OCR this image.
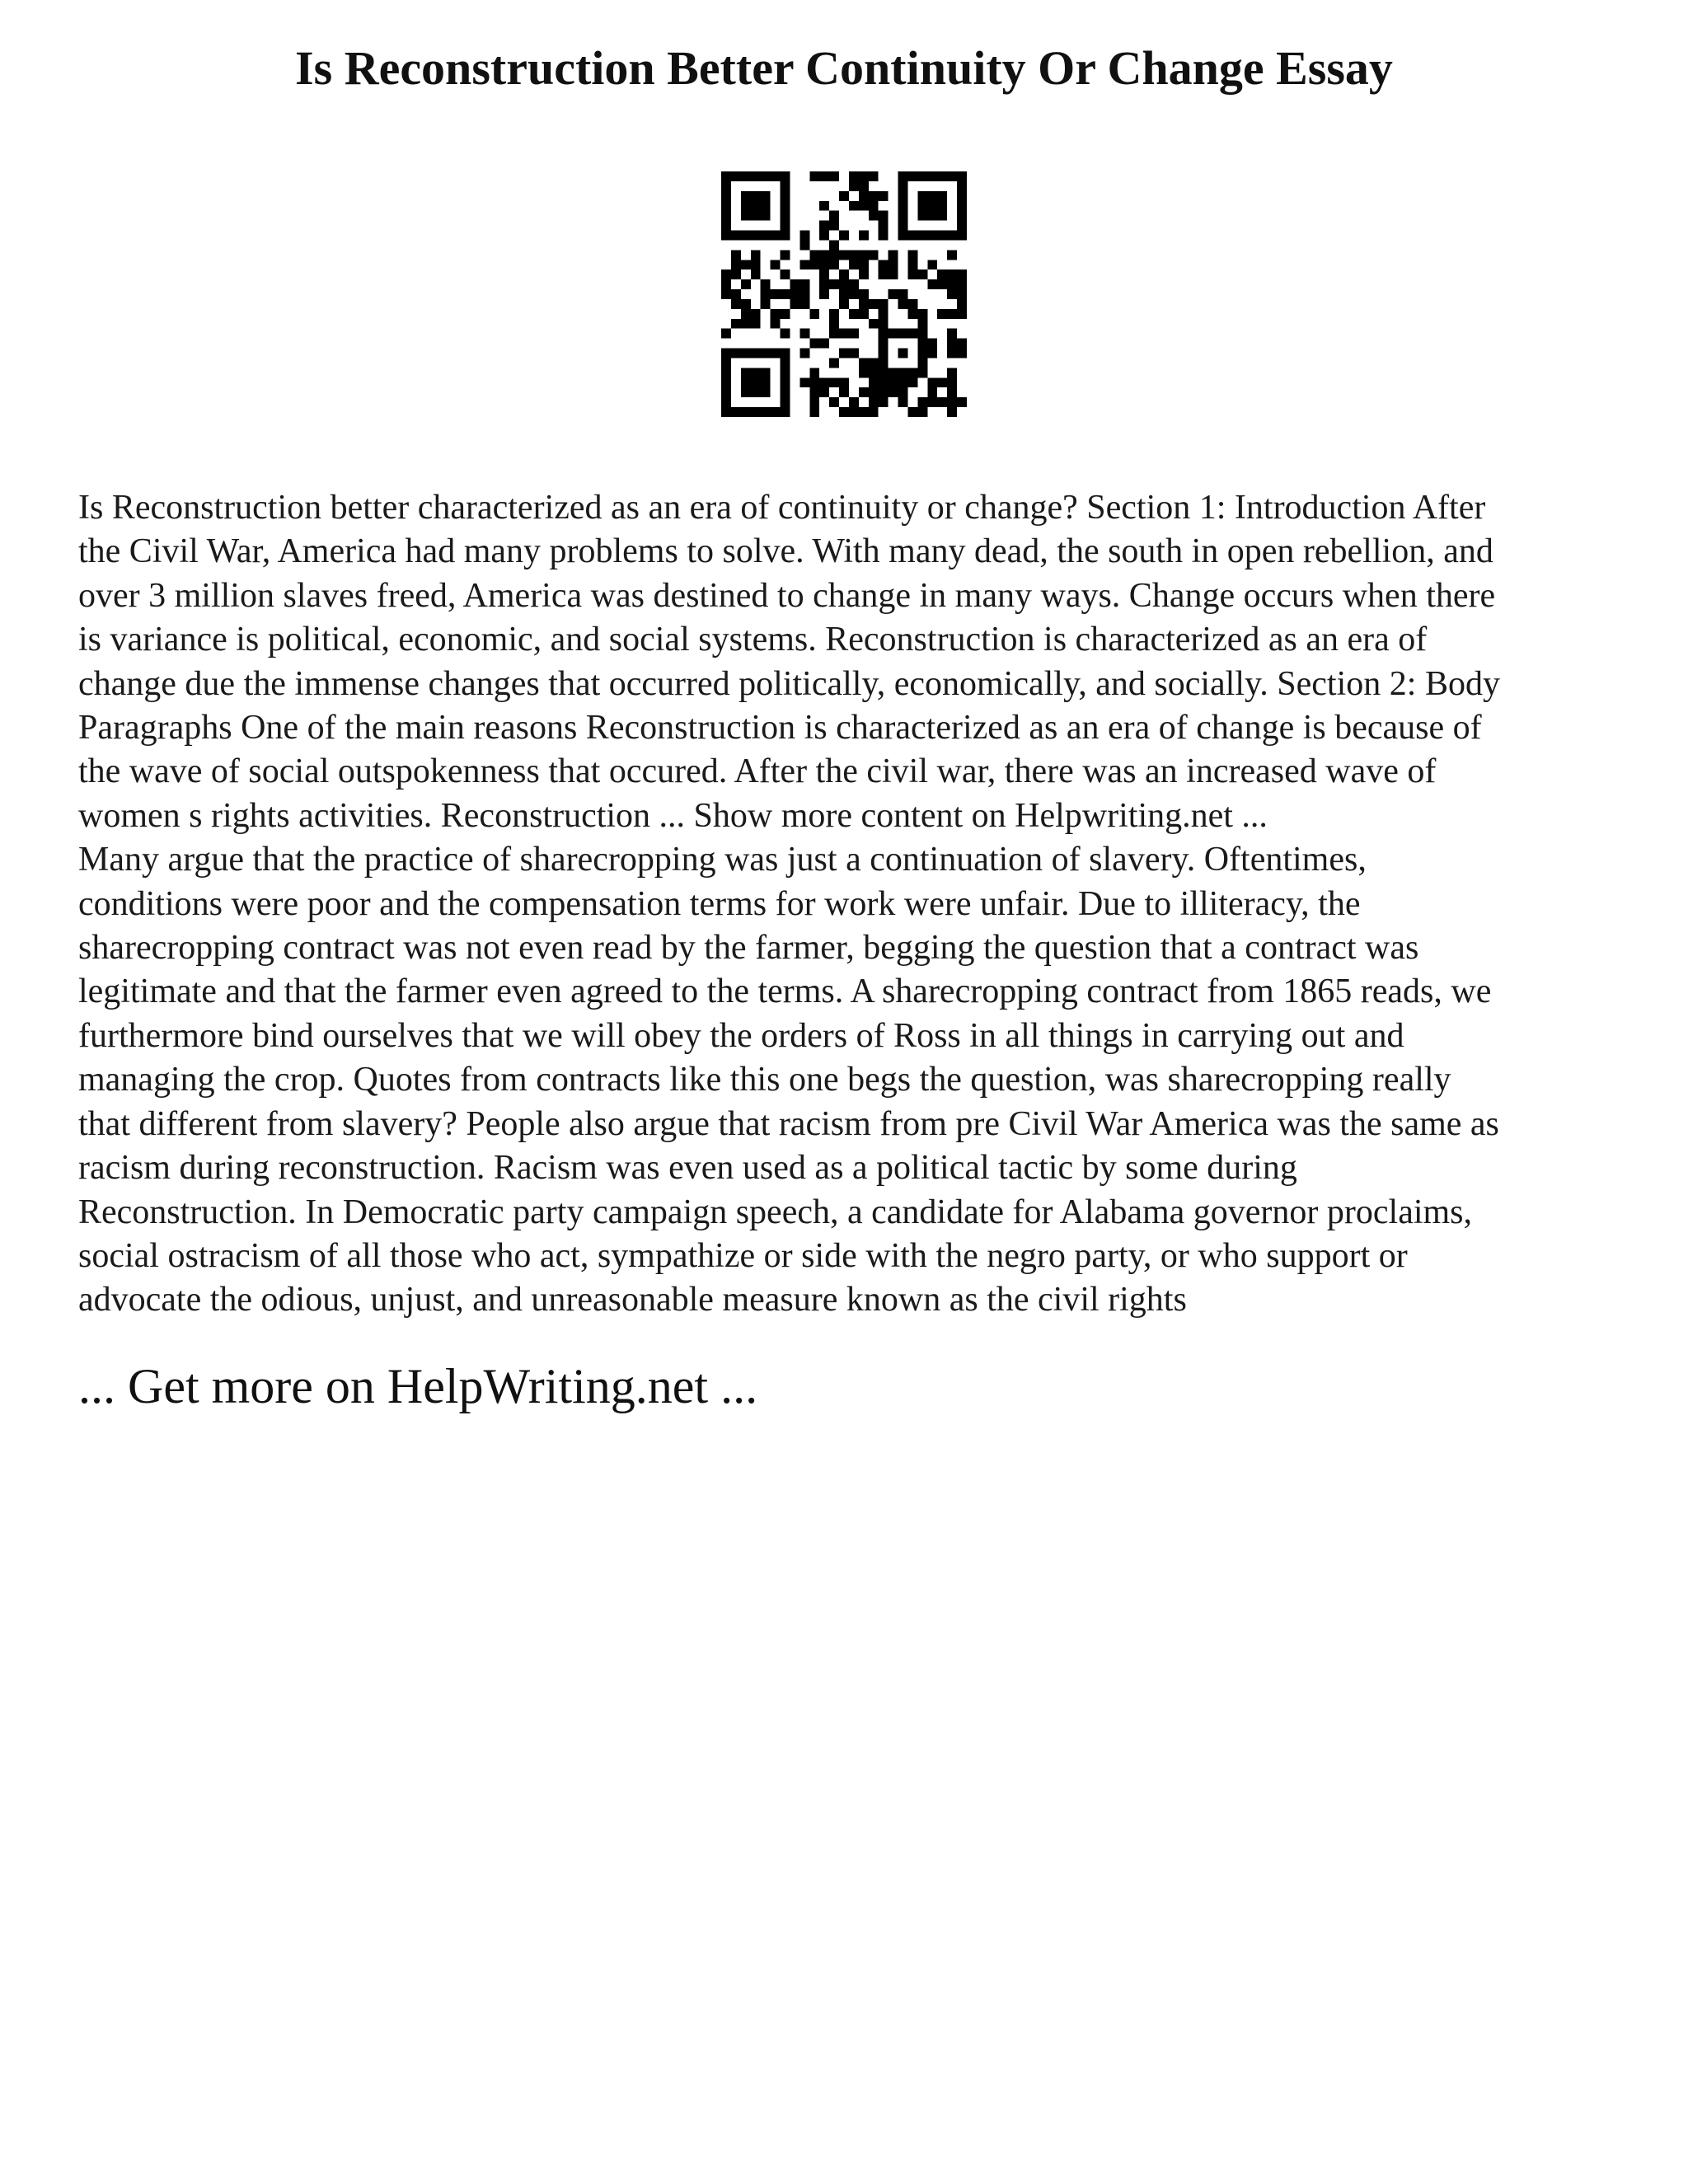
Is Reconstruction Better Continuity Or Change Essay

Is Reconstruction better characterized as an era of continuity or change? Section 1: Introduction After

the Civil War, America had many problems to solve. With many dead, the south in open rebellion, and

over 3 million slaves freed, America was destined to change in many ways. Change occurs when there

is variance is political, economic, and social systems. Reconstruction is characterized as an era of

change due the immense changes that occurred politically, economically, and socially. Section 2: Body

Paragraphs One of the main reasons Reconstruction is characterized as an era of change is because of

the wave of social outspokenness that occured. After the civil war, there was an increased wave of

women s rights activities. Reconstruction ... Show more content on Helpwriting.net ...

Many argue that the practice of sharecropping was just a continuation of slavery. Oftentimes,

conditions were poor and the compensation terms for work were unfair. Due to illiteracy, the

sharecropping contract was not even read by the farmer, begging the question that a contract was

legitimate and that the farmer even agreed to the terms. A sharecropping contract from 1865 reads, we

furthermore bind ourselves that we will obey the orders of Ross in all things in carrying out and

managing the crop. Quotes from contracts like this one begs the question, was sharecropping really

that different from slavery? People also argue that racism from pre Civil War America was the same as

racism during reconstruction. Racism was even used as a political tactic by some during

Reconstruction. In Democratic party campaign speech, a candidate for Alabama governor proclaims,

social ostracism of all those who act, sympathize or side with the negro party, or who support or

advocate the odious, unjust, and unreasonable measure known as the civil rights

... Get more on HelpWriting.net ...
